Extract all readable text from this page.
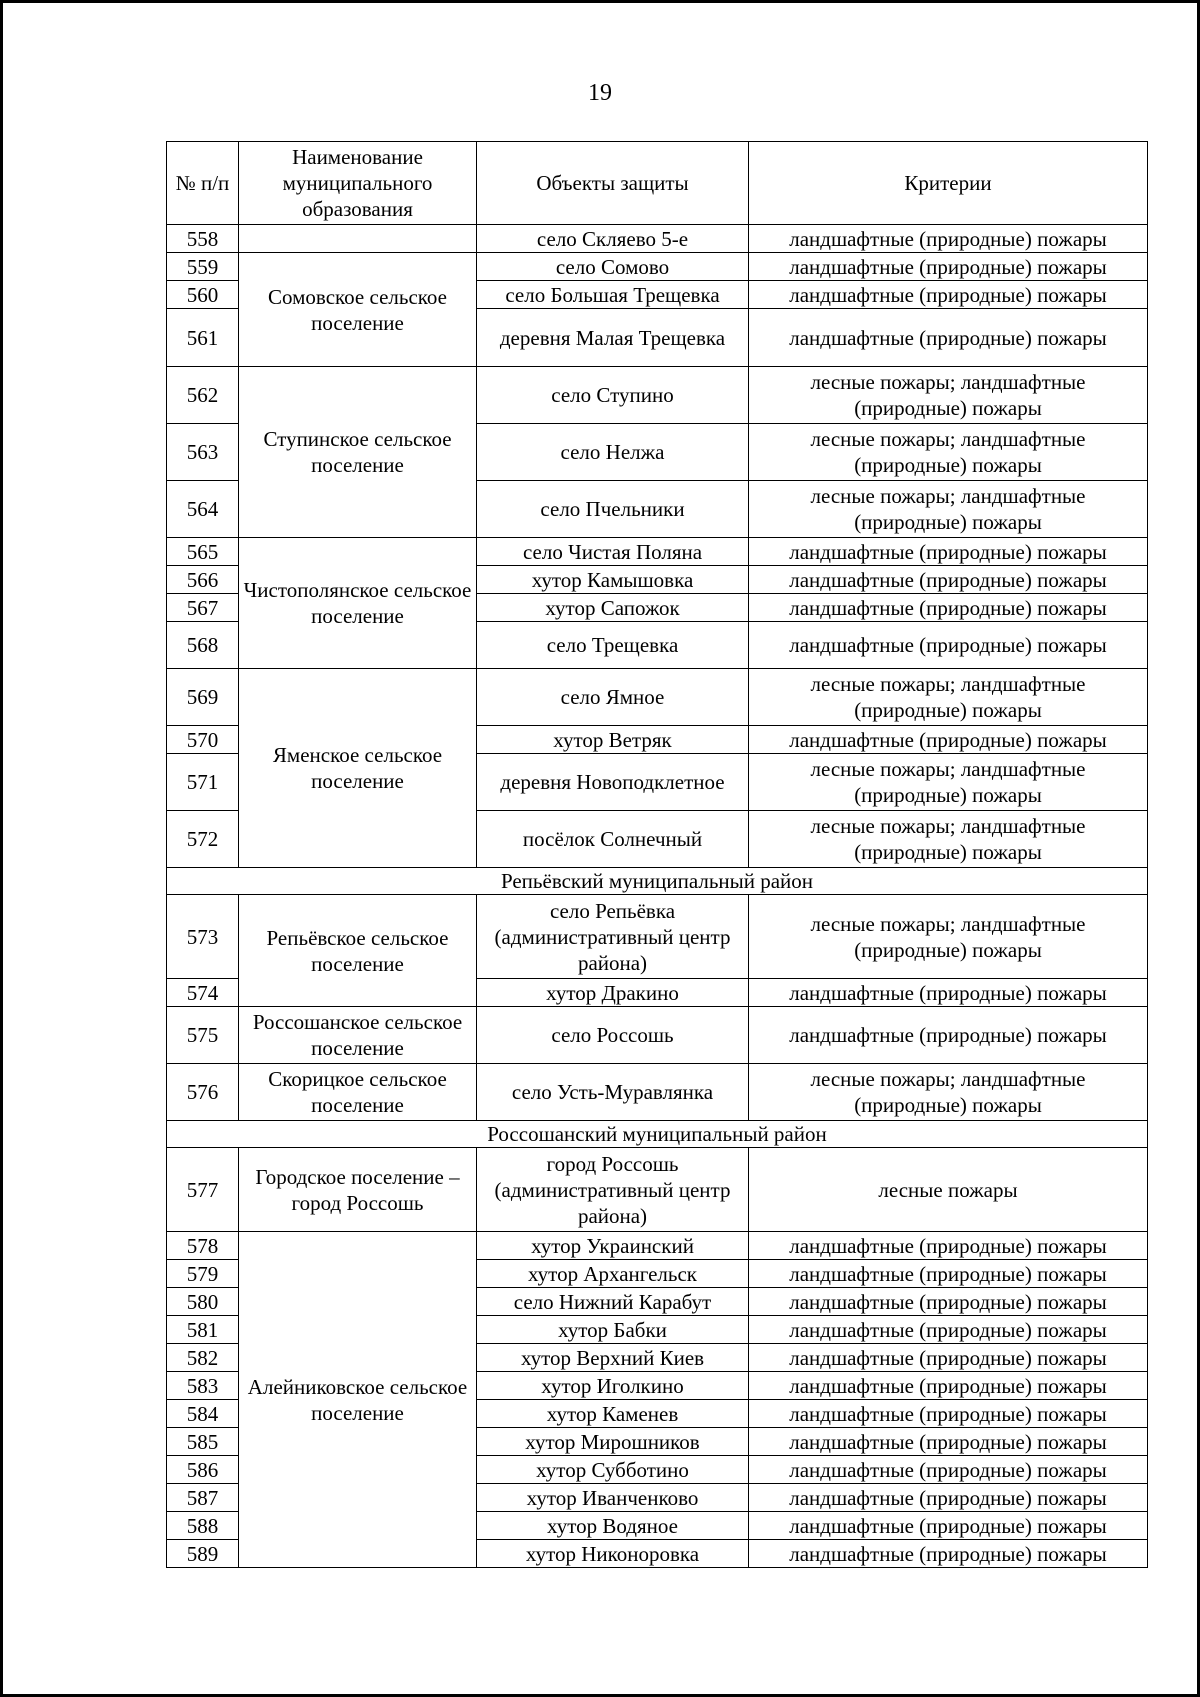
19
№ п/п	Наименование муниципального образования	Объекты защиты	Критерии
558		село Скляево 5-е	ландшафтные (природные) пожары
559	Сомовское сельское поселение	село Сомово	ландшафтные (природные) пожары
560		село Большая Трещевка	ландшафтные (природные) пожары
561		деревня Малая Трещевка	ландшафтные (природные) пожары
562	Ступинское сельское поселение	село Ступино	лесные пожары; ландшафтные (природные) пожары
563		село Нелжа	лесные пожары; ландшафтные (природные) пожары
564		село Пчельники	лесные пожары; ландшафтные (природные) пожары
565	Чистополянское сельское поселение	село Чистая Поляна	ландшафтные (природные) пожары
566		хутор Камышовка	ландшафтные (природные) пожары
567		хутор Сапожок	ландшафтные (природные) пожары
568		село Трещевка	ландшафтные (природные) пожары
569	Яменское сельское поселение	село Ямное	лесные пожары; ландшафтные (природные) пожары
570		хутор Ветряк	ландшафтные (природные) пожары
571		деревня Новоподклетное	лесные пожары; ландшафтные (природные) пожары
572		посёлок Солнечный	лесные пожары; ландшафтные (природные) пожары
Репьёвский муниципальный район			
573	Репьёвское сельское поселение	село Репьёвка (административный центр района)	лесные пожары; ландшафтные (природные) пожары
574		хутор Дракино	ландшафтные (природные) пожары
575	Россошанское сельское поселение	село Россошь	ландшафтные (природные) пожары
576	Скорицкое сельское поселение	село Усть-Муравлянка	лесные пожары; ландшафтные (природные) пожары
Россошанский муниципальный район			
577	Городское поселение – город Россошь	город Россошь (административный центр района)	лесные пожары
578	Алейниковское сельское поселение	хутор Украинский	ландшафтные (природные) пожары
579		хутор Архангельск	ландшафтные (природные) пожары
580		село Нижний Карабут	ландшафтные (природные) пожары
581		хутор Бабки	ландшафтные (природные) пожары
582		хутор Верхний Киев	ландшафтные (природные) пожары
583		хутор Иголкино	ландшафтные (природные) пожары
584		хутор Каменев	ландшафтные (природные) пожары
585		хутор Мирошников	ландшафтные (природные) пожары
586		хутор Субботино	ландшафтные (природные) пожары
587		хутор Иванченково	ландшафтные (природные) пожары
588		хутор Водяное	ландшафтные (природные) пожары
589		хутор Никоноровка	ландшафтные (природные) пожары
